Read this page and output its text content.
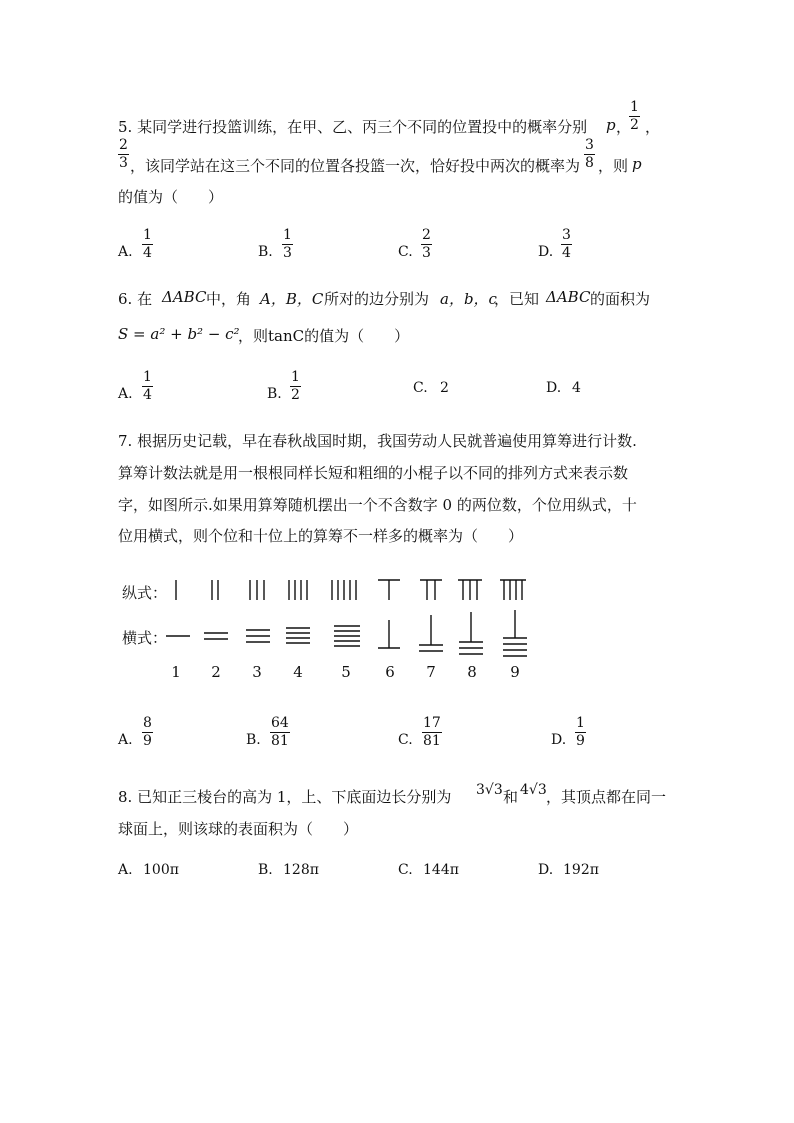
5. 某同学进行投篮训练，在甲、乙、丙三个不同的位置投中的概率分别 p ，
1
2 ，
2
3 ，该同学站在这三个不同的位置各投篮一次，恰好投中两次的概率为
3
8 ，则 p
的值为（　　）
A.
1
4	B.
1
3	C.
2
3	D.
3
4
6. 在 ΔABC 中，角 A，B，C 所对的边分别为 a，b，c
，已知 ΔABC 的面积为
S = a² + b² − c²
，则tanC的值为（　　）
A.
1
4	B.
1
2	C. 2	D. 4
7. 根据历史记载，早在春秋战国时期，我国劳动人民就普遍使用算筹进行计数.
算筹计数法就是用一根根同样长短和粗细的小棍子以不同的排列方式来表示数
字，如图所示.如果用算筹随机摆出一个不含数字 0 的两位数，个位用纵式，十
位用横式，则个位和十位上的算筹不一样多的概率为（　　）
纵式：
横式：
1	2	3	4	5	6	7	8	9
A.
8
9	B.
64
81	C.
17
81	D.
1
9
8. 已知正三棱台的高为 1，上、下底面边长分别为 3√3 和 4√3 ，其顶点都在同一
球面上，则该球的表面积为（　　）
A. 100π	B. 128π	C. 144π	D. 192π
